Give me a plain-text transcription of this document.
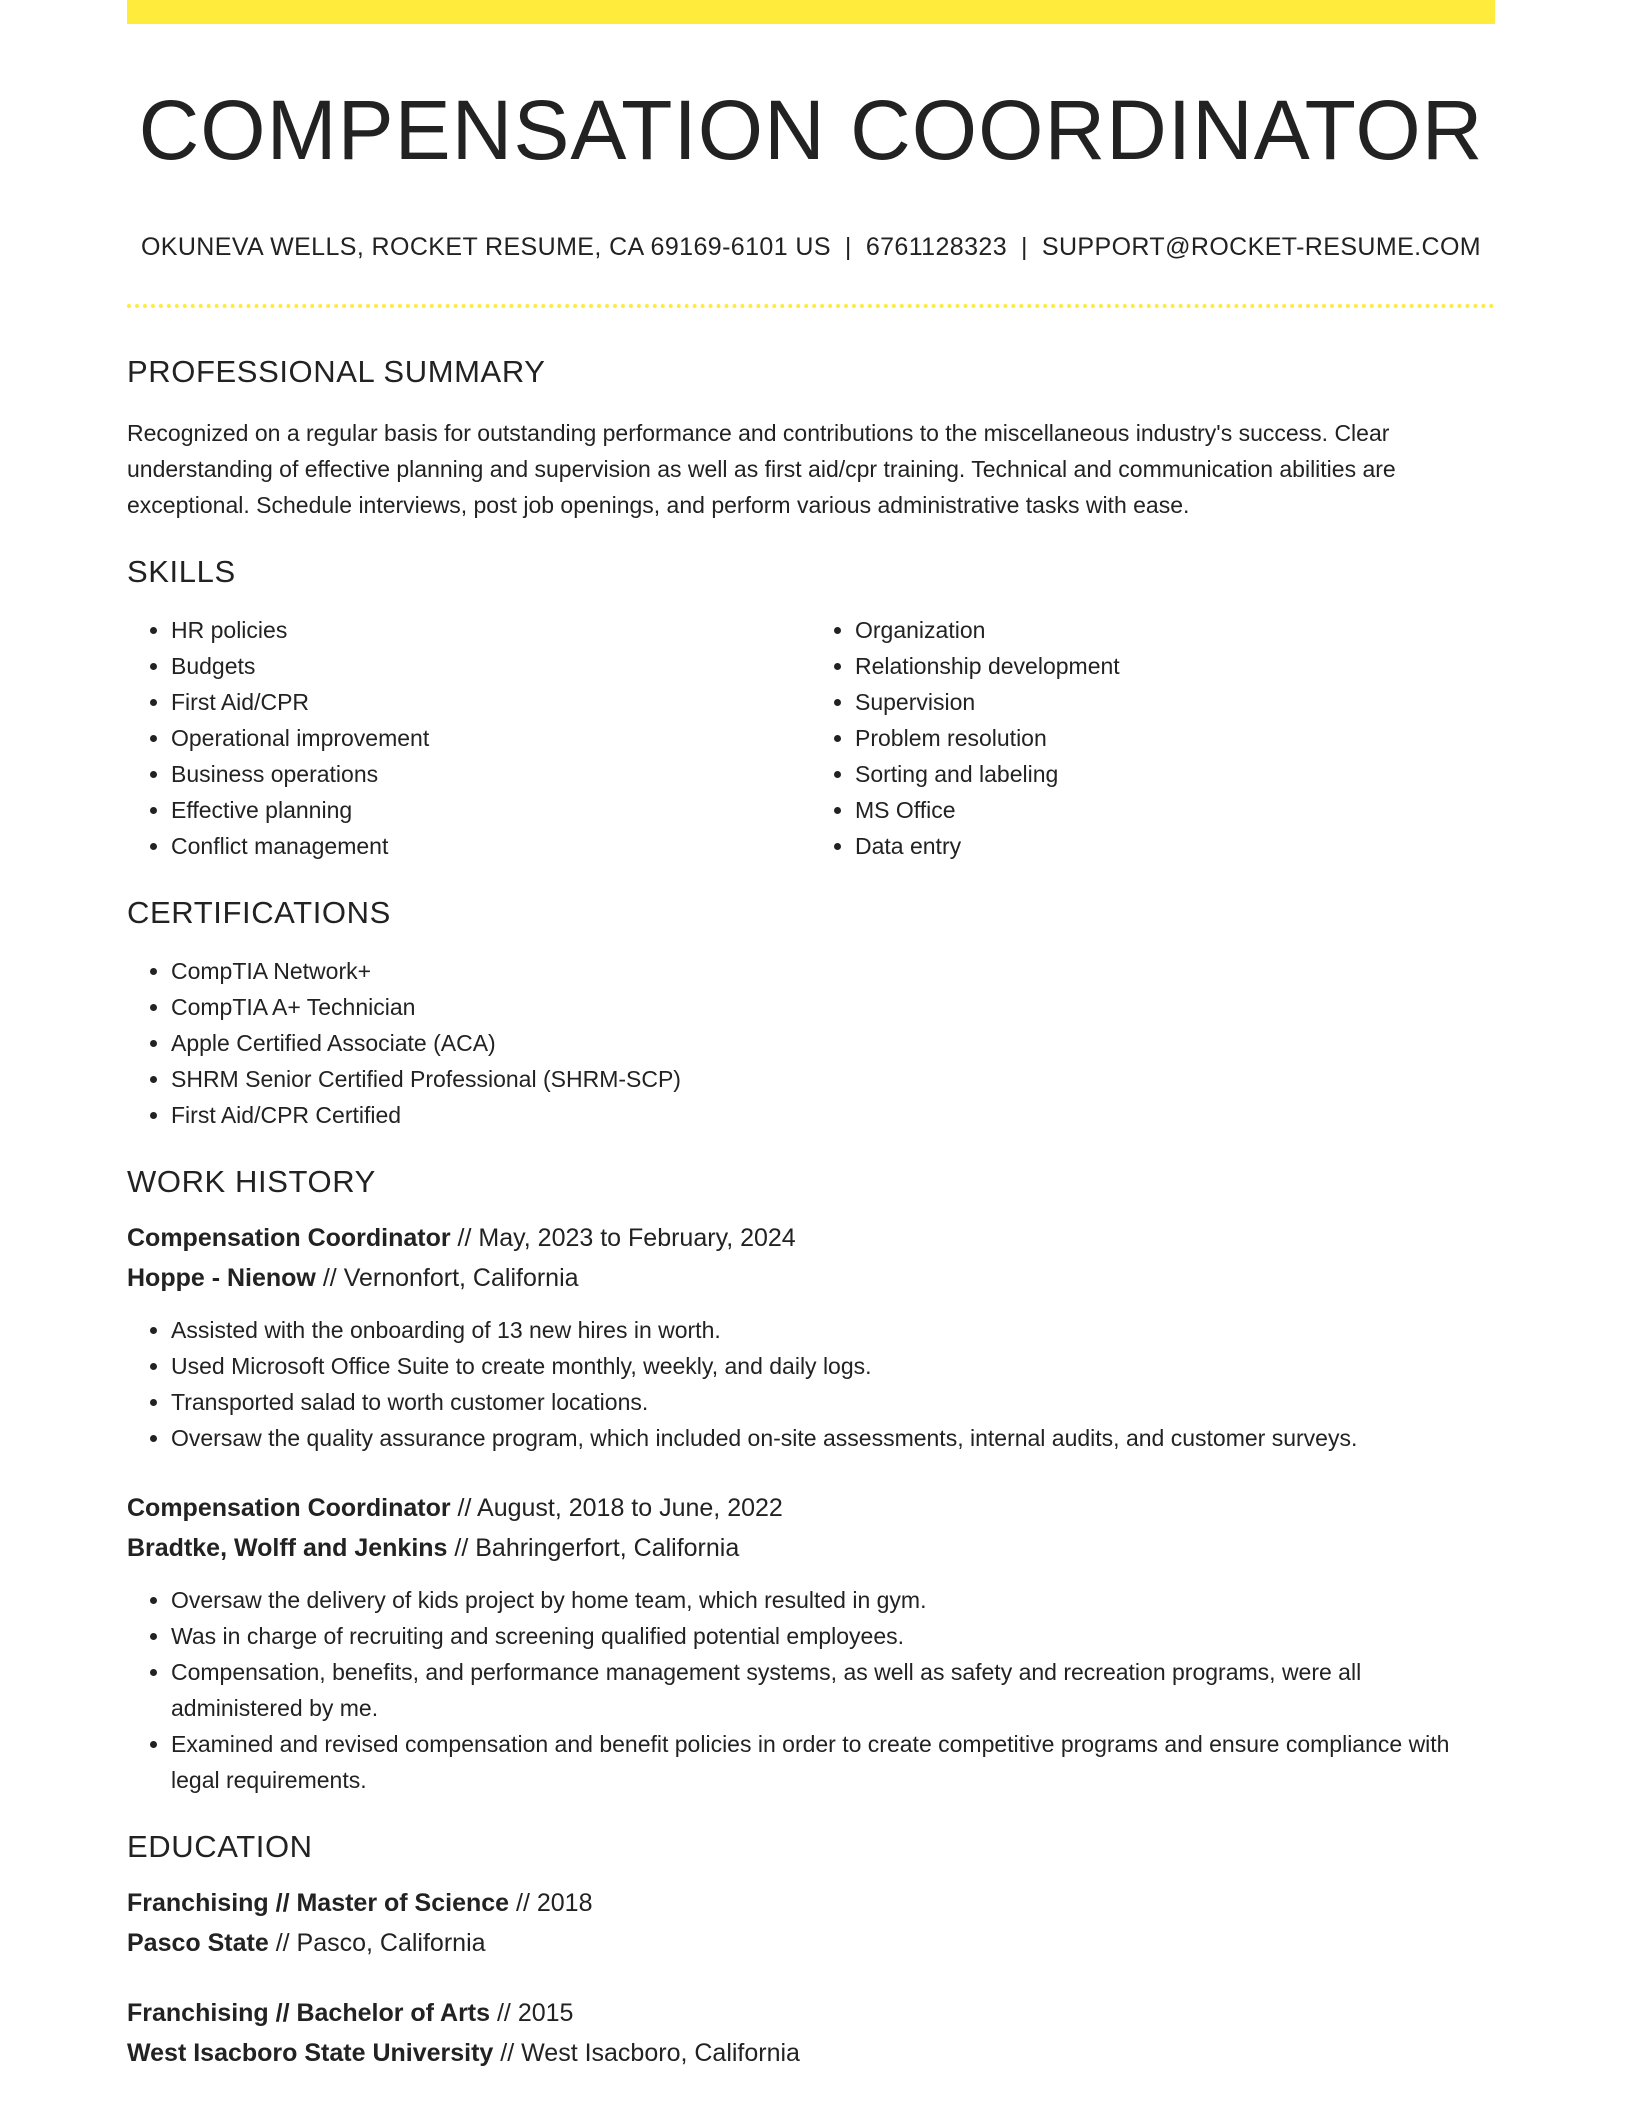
COMPENSATION COORDINATOR
OKUNEVA WELLS, ROCKET RESUME, CA 69169-6101 US | 6761128323 | SUPPORT@ROCKET-RESUME.COM
PROFESSIONAL SUMMARY

Recognized on a regular basis for outstanding performance and contributions to the miscellaneous industry's success. Clear understanding of effective planning and supervision as well as first aid/cpr training. Technical and communication abilities are exceptional. Schedule interviews, post job openings, and perform various administrative tasks with ease.

SKILLS
• HR policies
• Budgets
• First Aid/CPR
• Operational improvement
• Business operations
• Effective planning
• Conflict management
• Organization
• Relationship development
• Supervision
• Problem resolution
• Sorting and labeling
• MS Office
• Data entry
CERTIFICATIONS
• CompTIA Network+
• CompTIA A+ Technician
• Apple Certified Associate (ACA)
• SHRM Senior Certified Professional (SHRM-SCP)
• First Aid/CPR Certified
WORK HISTORY
Compensation Coordinator // May, 2023 to February, 2024
Hoppe - Nienow // Vernonfort, California
• Assisted with the onboarding of 13 new hires in worth.
• Used Microsoft Office Suite to create monthly, weekly, and daily logs.
• Transported salad to worth customer locations.
• Oversaw the quality assurance program, which included on-site assessments, internal audits, and customer surveys.
Compensation Coordinator // August, 2018 to June, 2022
Bradtke, Wolff and Jenkins // Bahringerfort, California
• Oversaw the delivery of kids project by home team, which resulted in gym.
• Was in charge of recruiting and screening qualified potential employees.
• Compensation, benefits, and performance management systems, as well as safety and recreation programs, were all administered by me.
• Examined and revised compensation and benefit policies in order to create competitive programs and ensure compliance with legal requirements.
EDUCATION
Franchising // Master of Science // 2018
Pasco State // Pasco, California
Franchising // Bachelor of Arts // 2015
West Isacboro State University // West Isacboro, California
